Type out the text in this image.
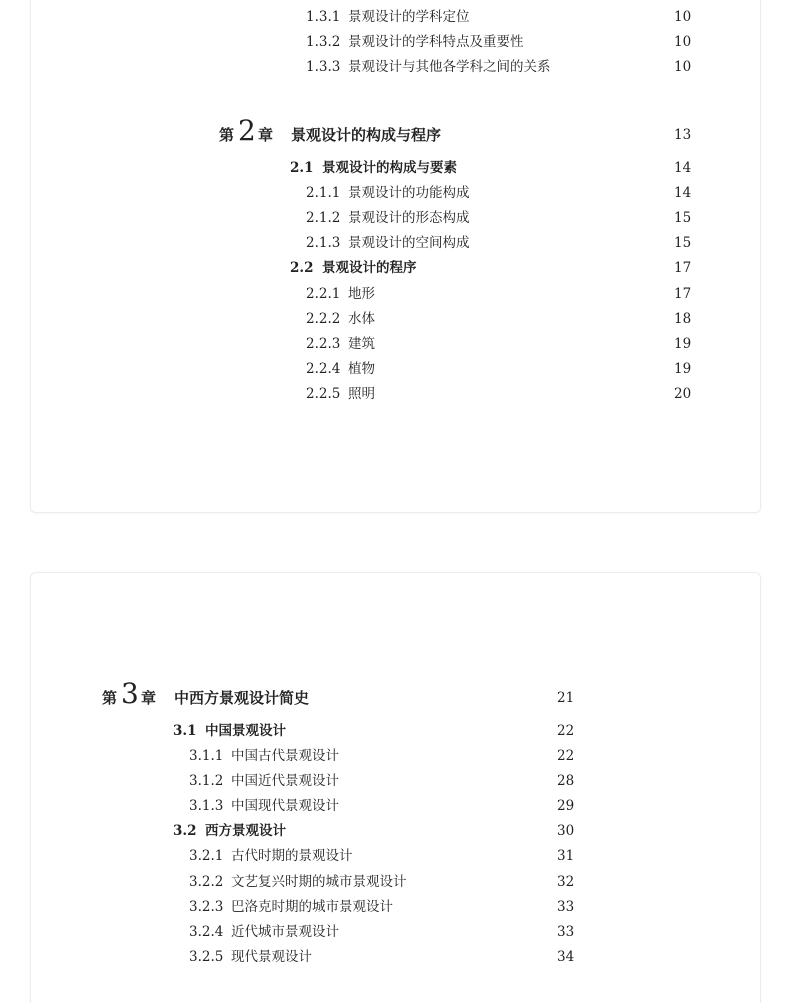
1.3.1 景观设计的学科定位	10
1.3.2 景观设计的学科特点及重要性	10
1.3.3 景观设计与其他各学科之间的关系	10
第 2 章 景观设计的构成与程序	13
2.1 景观设计的构成与要素	14
2.1.1 景观设计的功能构成	14
2.1.2 景观设计的形态构成	15
2.1.3 景观设计的空间构成	15
2.2 景观设计的程序	17
2.2.1 地形	17
2.2.2 水体	18
2.2.3 建筑	19
2.2.4 植物	19
2.2.5 照明	20
第 3 章 中西方景观设计简史	21
3.1 中国景观设计	22
3.1.1 中国古代景观设计	22
3.1.2 中国近代景观设计	28
3.1.3 中国现代景观设计	29
3.2 西方景观设计	30
3.2.1 古代时期的景观设计	31
3.2.2 文艺复兴时期的城市景观设计	32
3.2.3 巴洛克时期的城市景观设计	33
3.2.4 近代城市景观设计	33
3.2.5 现代景观设计	34
